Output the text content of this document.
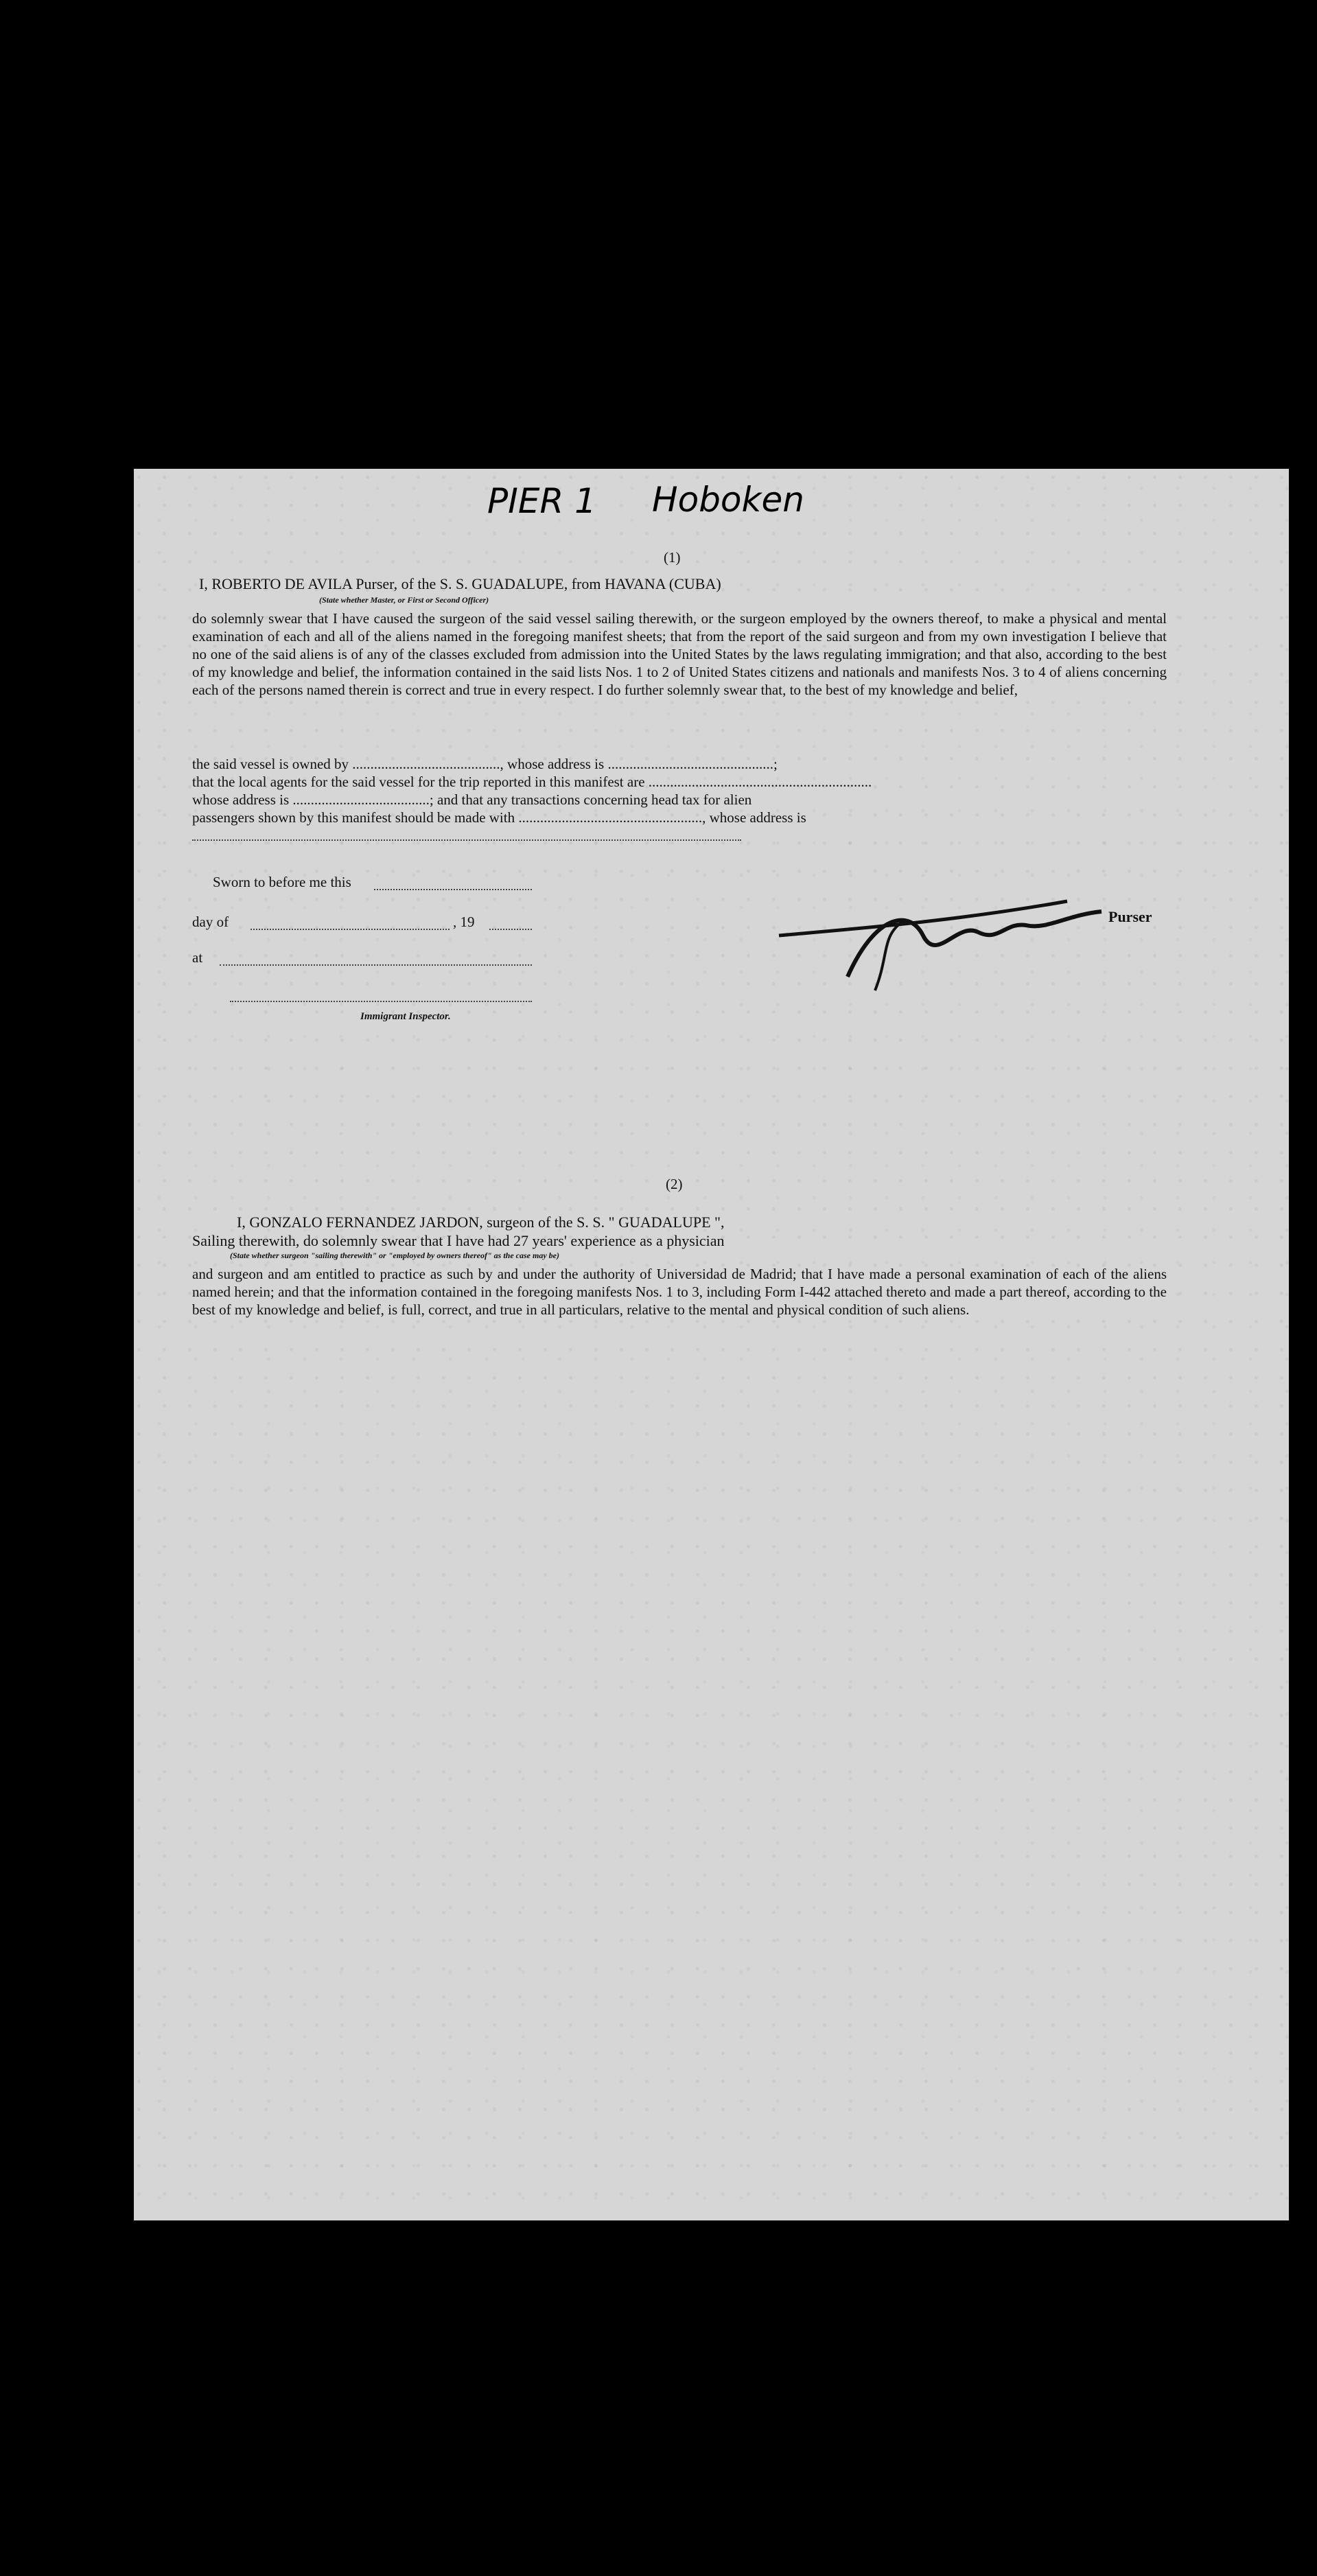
PIER 1 Hoboken
(1)
I, ROBERTO DE AVILA Purser, of the S. S. GUADALUPE, from HAVANA (CUBA)
(State whether Master, or First or Second Officer)
do solemnly swear that I have caused the surgeon of the said vessel sailing therewith, or the surgeon employed by the owners thereof, to make a physical and mental examination of each and all of the aliens named in the foregoing manifest sheets; that from the report of the said surgeon and from my own investigation I believe that no one of the said aliens is of any of the classes excluded from admission into the United States by the laws regulating immigration; and that also, according to the best of my knowledge and belief, the information contained in the said lists Nos. 1 to 2 of United States citizens and nationals and manifests Nos. 3 to 4 of aliens concerning each of the persons named therein is correct and true in every respect. I do further solemnly swear that, to the best of my knowledge and belief,
the said vessel is owned by ........................................., whose address is ..............................................;
that the local agents for the said vessel for the trip reported in this manifest are ..............................................................
whose address is ......................................; and that any transactions concerning head tax for alien
passengers shown by this manifest should be made with ..................................................., whose address is
Sworn to before me this
day of	, 19
at
Immigrant Inspector.
Purser
(2)
I, GONZALO FERNANDEZ JARDON, surgeon of the S. S. " GUADALUPE ",
Sailing therewith, do solemnly swear that I have had 27 years' experience as a physician
(State whether surgeon "sailing therewith" or "employed by owners thereof" as the case may be)
and surgeon and am entitled to practice as such by and under the authority of Universidad de Madrid; that I have made a personal examination of each of the aliens named herein; and that the information contained in the foregoing manifests Nos. 1 to 3, including Form I-442 attached thereto and made a part thereof, according to the best of my knowledge and belief, is full, correct, and true in all particulars, relative to the mental and physical condition of such aliens.
